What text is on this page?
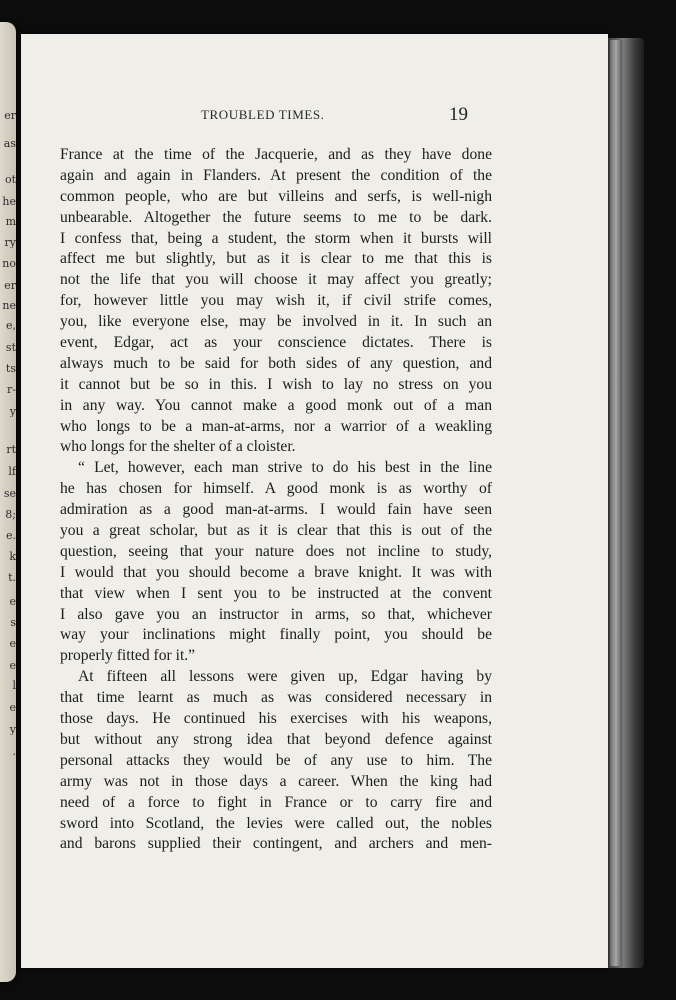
er
as
ot
he
m
ry
no
er
ne
e,
st
ts
r-
y
rt
lf
se
8;
e.
k
t.
e
s
e
e
l
e
y
.
TROUBLED TIMES.	19
France at the time of the Jacquerie, and as they have done
again and again in Flanders. At present the condition of the
common people, who are but villeins and serfs, is well-nigh
unbearable. Altogether the future seems to me to be dark.
I confess that, being a student, the storm when it bursts will
affect me but slightly, but as it is clear to me that this is
not the life that you will choose it may affect you greatly;
for, however little you may wish it, if civil strife comes,
you, like everyone else, may be involved in it. In such an
event, Edgar, act as your conscience dictates. There is
always much to be said for both sides of any question, and
it cannot but be so in this. I wish to lay no stress on you
in any way. You cannot make a good monk out of a man
who longs to be a man-at-arms, nor a warrior of a weakling
who longs for the shelter of a cloister.
“ Let, however, each man strive to do his best in the line
he has chosen for himself. A good monk is as worthy of
admiration as a good man-at-arms. I would fain have seen
you a great scholar, but as it is clear that this is out of the
question, seeing that your nature does not incline to study,
I would that you should become a brave knight. It was with
that view when I sent you to be instructed at the convent
I also gave you an instructor in arms, so that, whichever
way your inclinations might finally point, you should be
properly fitted for it.”
At fifteen all lessons were given up, Edgar having by
that time learnt as much as was considered necessary in
those days. He continued his exercises with his weapons,
but without any strong idea that beyond defence against
personal attacks they would be of any use to him. The
army was not in those days a career. When the king had
need of a force to fight in France or to carry fire and
sword into Scotland, the levies were called out, the nobles
and barons supplied their contingent, and archers and men-
